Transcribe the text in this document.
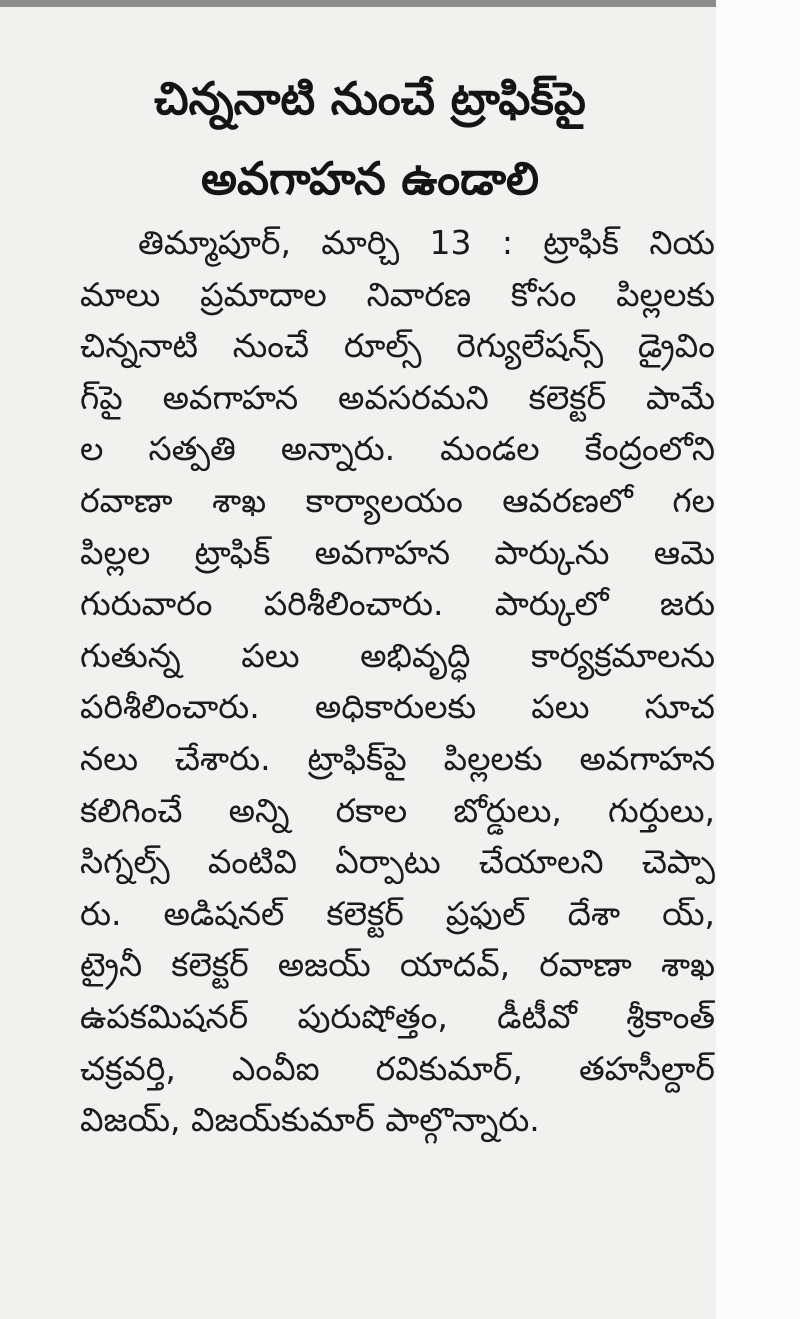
చిన్ననాటి నుంచే ట్రాఫిక్‌పై
అవగాహన ఉండాలి
తిమ్మాపూర్, మార్చి 13 : ట్రాఫిక్ నియ
మాలు ప్రమాదాల నివారణ కోసం పిల్లలకు
చిన్ననాటి నుంచే రూల్స్ రెగ్యులేషన్స్ డ్రైవిం
గ్‌పై అవగాహన అవసరమని కలెక్టర్ పామే
ల సత్పతి అన్నారు. మండల కేంద్రంలోని
రవాణా శాఖ కార్యాలయం ఆవరణలో గల
పిల్లల ట్రాఫిక్ అవగాహన పార్కును ఆమె
గురువారం పరిశీలించారు. పార్కులో జరు
గుతున్న పలు అభివృద్ధి కార్యక్రమాలను
పరిశీలించారు. అధికారులకు పలు సూచ
నలు చేశారు. ట్రాఫిక్‌పై పిల్లలకు అవగాహన
కలిగించే అన్ని రకాల బోర్డులు, గుర్తులు,
సిగ్నల్స్ వంటివి ఏర్పాటు చేయాలని చెప్పా
రు. అడిషనల్ కలెక్టర్ ప్రఫుల్ దేశా య్,
ట్రైనీ కలెక్టర్ అజయ్ యాదవ్, రవాణా శాఖ
ఉపకమిషనర్ పురుషోత్తం, డీటీవో శ్రీకాంత్
చక్రవర్తి, ఎంవీఐ రవికుమార్, తహసీల్దార్
విజయ్, విజయ్‌కుమార్ పాల్గొన్నారు.
